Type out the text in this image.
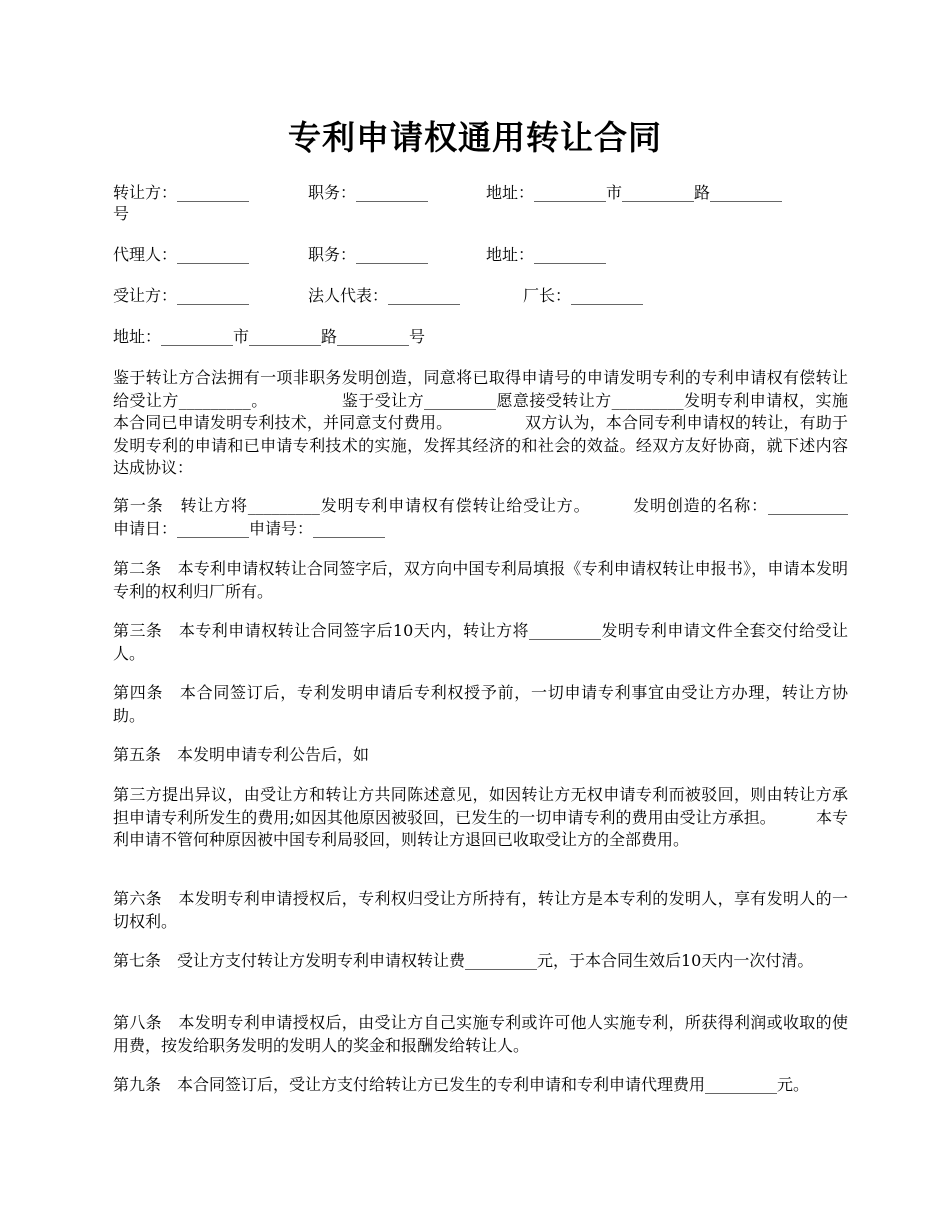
专利申请权通用转让合同
转让方：_________	职务：_________	地址：_________市_________路_________
号
代理人：_________	职务：_________	地址：_________
受让方：_________	法人代表：_________	厂长：_________
地址：_________市_________路_________号

鉴于转让方合法拥有一项非职务发明创造，同意将已取得申请号的申请发明专利的专利申请权有偿转让给受让方_________。　　　　　鉴于受让方_________愿意接受转让方_________发明专利申请权，实施本合同已申请发明专利技术，并同意支付费用。　　　　　双方认为，本合同专利申请权的转让，有助于发明专利的申请和已申请专利技术的实施，发挥其经济的和社会的效益。经双方友好协商，就下述内容达成协议：

第一条　转让方将_________发明专利申请权有偿转让给受让方。　　　发明创造的名称：__________　　　申请日：_________申请号：_________

第二条　本专利申请权转让合同签字后，双方向中国专利局填报《专利申请权转让申报书》，申请本发明专利的权利归厂所有。

第三条　本专利申请权转让合同签字后10天内，转让方将_________发明专利申请文件全套交付给受让人。

第四条　本合同签订后，专利发明申请后专利权授予前，一切申请专利事宜由受让方办理，转让方协助。

第五条　本发明申请专利公告后，如

第三方提出异议，由受让方和转让方共同陈述意见，如因转让方无权申请专利而被驳回，则由转让方承担申请专利所发生的费用;如因其他原因被驳回，已发生的一切申请专利的费用由受让方承担。　　　本专利申请不管何种原因被中国专利局驳回，则转让方退回已收取受让方的全部费用。

第六条　本发明专利申请授权后，专利权归受让方所持有，转让方是本专利的发明人，享有发明人的一切权利。

第七条　受让方支付转让方发明专利申请权转让费_________元，于本合同生效后10天内一次付清。

第八条　本发明专利申请授权后，由受让方自己实施专利或许可他人实施专利，所获得利润或收取的使用费，按发给职务发明的发明人的奖金和报酬发给转让人。

第九条　本合同签订后，受让方支付给转让方已发生的专利申请和专利申请代理费用_________元。
